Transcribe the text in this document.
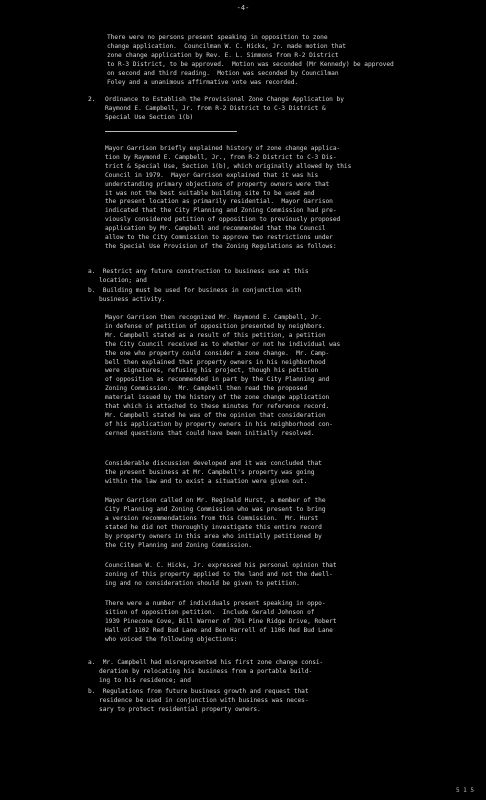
-4-
There were no persons present speaking in opposition to zone
change application.  Councilman W. C. Hicks, Jr. made motion that
zone change application by Rev. E. L. Simmons from R-2 District
to R-3 District, to be approved.  Motion was seconded (Mr Kennedy) be approved
on second and third reading.  Motion was seconded by Councilman
Foley and a unanimous affirmative vote was recorded.
2. Ordinance to Establish the Provisional Zone Change Application by
Raymond E. Campbell, Jr. from R-2 District to C-3 District &
Special Use Section 1(b)
Mayor Garrison briefly explained history of zone change applica-
tion by Raymond E. Campbell, Jr., from R-2 District to C-3 Dis-
trict & Special Use, Section 1(b), which originally allowed by this
Council in 1979.  Mayor Garrison explained that it was his
understanding primary objections of property owners were that
it was not the best suitable building site to be used and
the present location as primarily residential.  Mayor Garrison
indicated that the City Planning and Zoning Commission had pre-
viously considered petition of opposition to previously proposed
application by Mr. Campbell and recommended that the Council
allow to the City Commission to approve two restrictions under
the Special Use Provision of the Zoning Regulations as follows:
a. Restrict any future construction to business use at this
location; and
b. Building must be used for business in conjunction with
business activity.
Mayor Garrison then recognized Mr. Raymond E. Campbell, Jr.
in defense of petition of opposition presented by neighbors.
Mr. Campbell stated as a result of this petition, a petition
the City Council received as to whether or not he individual was
the one who property could consider a zone change.  Mr. Camp-
bell then explained that property owners in his neighborhood
were signatures, refusing his project, though his petition
of opposition as recommended in part by the City Planning and
Zoning Commission.  Mr. Campbell then read the proposed
material issued by the history of the zone change application
that which is attached to these minutes for reference record.
Mr. Campbell stated he was of the opinion that consideration
of his application by property owners in his neighborhood con-
cerned questions that could have been initially resolved.
Considerable discussion developed and it was concluded that
the present business at Mr. Campbell's property was going
within the law and to exist a situation were given out.
Mayor Garrison called on Mr. Reginald Hurst, a member of the
City Planning and Zoning Commission who was present to bring
a version recommendations from this Commission.  Mr. Hurst
stated he did not thoroughly investigate this entire record
by property owners in this area who initially petitioned by
the City Planning and Zoning Commission.
Councilman W. C. Hicks, Jr. expressed his personal opinion that
zoning of this property applied to the land and not the dwell-
ing and no consideration should be given to petition.
There were a number of individuals present speaking in oppo-
sition of opposition petition.  Include Gerald Johnson of
1939 Pinecone Cove, Bill Warner of 701 Pine Ridge Drive, Robert
Hall of 1102 Red Bud Lane and Ben Harrell of 1106 Red Bud Lane
who voiced the following objections:
a. Mr. Campbell had misrepresented his first zone change consi-
deration by relocating his business from a portable build-
ing to his residence; and
b. Regulations from future business growth and request that
residence be used in conjunction with business was neces-
sary to protect residential property owners.
5 1 5
